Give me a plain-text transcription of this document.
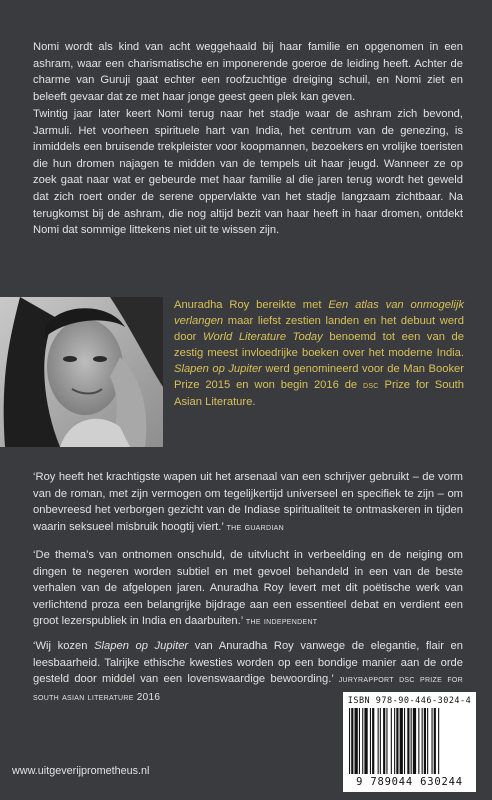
Nomi wordt als kind van acht weggehaald bij haar familie en opgenomen in een ashram, waar een charismatische en imponerende goeroe de leiding heeft. Achter de charme van Guruji gaat echter een roofzuchtige dreiging schuil, en Nomi ziet en beleeft gevaar dat ze met haar jonge geest geen plek kan geven.

Twintig jaar later keert Nomi terug naar het stadje waar de ashram zich bevond, Jarmuli. Het voorheen spirituele hart van India, het centrum van de genezing, is inmiddels een bruisende trekpleister voor koopmannen, bezoekers en vrolijke toeristen die hun dromen najagen te midden van de tempels uit haar jeugd. Wanneer ze op zoek gaat naar wat er gebeurde met haar familie al die jaren terug wordt het geweld dat zich roert onder de serene oppervlakte van het stadje langzaam zichtbaar. Na terugkomst bij de ashram, die nog altijd bezit van haar heeft in haar dromen, ontdekt Nomi dat sommige littekens niet uit te wissen zijn.

Anuradha Roy bereikte met Een atlas van onmogelijk verlangen maar liefst zestien landen en het debuut werd door World Literature Today benoemd tot een van de zestig meest invloedrijke boeken over het moderne India. Slapen op Jupiter werd genomineerd voor de Man Booker Prize 2015 en won begin 2016 de dsc Prize for South Asian Literature.

‘Roy heeft het krachtigste wapen uit het arsenaal van een schrijver gebruikt – de vorm van de roman, met zijn vermogen om tegelijkertijd universeel en specifiek te zijn – om onbevreesd het verborgen gezicht van de Indiase spiritualiteit te ontmaskeren in tijden waarin seksueel misbruik hoogtij viert.’ the guardian

‘De thema’s van ontnomen onschuld, de uitvlucht in verbeelding en de neiging om dingen te negeren worden subtiel en met gevoel behandeld in een van de beste verhalen van de afgelopen jaren. Anuradha Roy levert met dit poëtische werk van verlichtend proza een belangrijke bijdrage aan een essentieel debat en verdient een groot lezerspubliek in India en daarbuiten.’ the independent

‘Wij kozen Slapen op Jupiter van Anuradha Roy vanwege de elegantie, flair en leesbaarheid. Talrijke ethische kwesties worden op een bondige manier aan de orde gesteld door middel van een lovenswaardige bewoording.’ juryrapport dsc prize for south asian literature 2016	ISBN 978-90-446-3024-4
9 789044 630244
www.uitgeverijprometheus.nl
